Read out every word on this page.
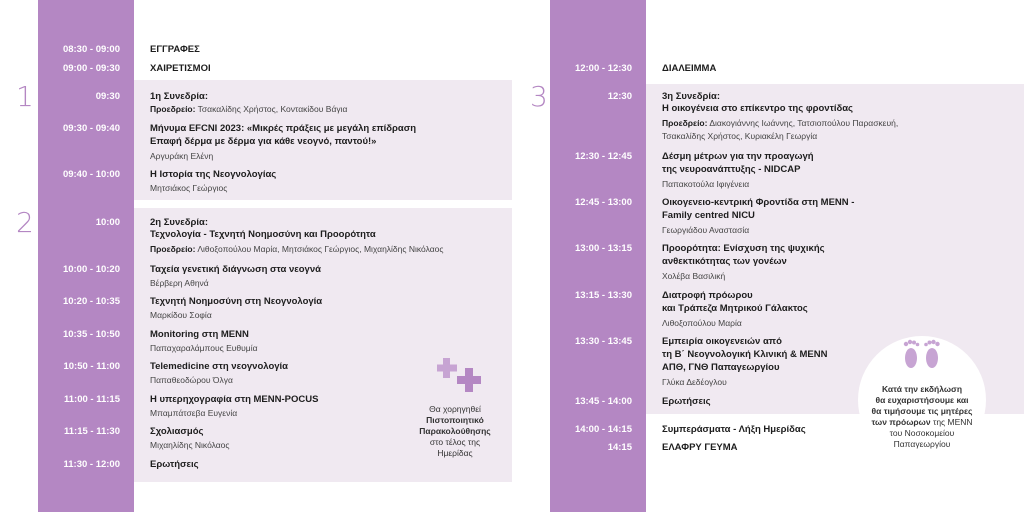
08:30 - 09:00	ΕΓΓΡΑΦΕΣ
09:00 - 09:30	ΧΑΙΡΕΤΙΣΜΟΙ
1	09:30	1η Συνεδρία:
Προεδρείο: Τσακαλίδης Χρήστος, Κοντακίδου Βάγια
09:30 - 09:40	Μήνυμα EFCNI 2023: «Μικρές πράξεις με μεγάλη επίδραση
Επαφή δέρμα με δέρμα για κάθε νεογνό, παντού!»
Αργυράκη Ελένη
09:40 - 10:00	Η Ιστορία της Νεογνολογίας
Μητσιάκος Γεώργιος
2	10:00	2η Συνεδρία:
Τεχνολογία - Τεχνητή Νοημοσύνη και Προορότητα
Προεδρείο: Λιθοξοπούλου Μαρία, Μητσιάκος Γεώργιος, Μιχαηλίδης Νικόλαος
10:00 - 10:20	Ταχεία γενετική διάγνωση στα νεογνά
Βέρβερη Αθηνά
10:20 - 10:35	Τεχνητή Νοημοσύνη στη Νεογνολογία
Μαρκίδου Σοφία
10:35 - 10:50	Monitoring στη ΜΕΝΝ
Παπαχαραλάμπους Ευθυμία
10:50 - 11:00	Telemedicine στη νεογνολογία
Παπαθεοδώρου Όλγα
11:00 - 11:15	Η υπερηχογραφία στη ΜΕΝΝ-POCUS
Μπαμπάτσεβα Ευγενία
11:15 - 11:30	Σχολιασμός
Μιχαηλίδης Νικόλαος
11:30 - 12:00	Ερωτήσεις
Θα χορηγηθεί
Πιστοποιητικό
Παρακολούθησης
στο τέλος της
Ημερίδας
12:00 - 12:30	ΔΙΑΛΕΙΜΜΑ
3	12:30	3η Συνεδρία:
Η οικογένεια στο επίκεντρο της φροντίδας
Προεδρείο: Διακογιάννης Ιωάννης, Τατσιοπούλου Παρασκευή,
Τσακαλίδης Χρήστος, Κυριακέλη Γεωργία
12:30 - 12:45	Δέσμη μέτρων για την προαγωγή
της νευροανάπτυξης - NIDCAP
Παπακοτούλα Ιφιγένεια
12:45 - 13:00	Οικογενειο-κεντρική Φροντίδα στη ΜΕΝΝ -
Family centred NICU
Γεωργιάδου Αναστασία
13:00 - 13:15	Προορότητα: Ενίσχυση της ψυχικής
ανθεκτικότητας των γονέων
Χολέβα Βασιλική
13:15 - 13:30	Διατροφή πρόωρου
και Τράπεζα Μητρικού Γάλακτος
Λιθοξοπούλου Μαρία
13:30 - 13:45	Εμπειρία οικογενειών από
τη Β΄ Νεογνολογική Κλινική & ΜΕΝΝ
ΑΠΘ, ΓΝΘ Παπαγεωργίου
Γλύκα Δεδέογλου
13:45 - 14:00	Ερωτήσεις
14:00 - 14:15	Συμπεράσματα - Λήξη Ημερίδας
14:15	ΕΛΑΦΡΥ ΓΕΥΜΑ
Κατά την εκδήλωση
θα ευχαριστήσουμε και
θα τιμήσουμε τις μητέρες
των πρόωρων της ΜΕΝΝ
του Νοσοκομείου
Παπαγεωργίου
